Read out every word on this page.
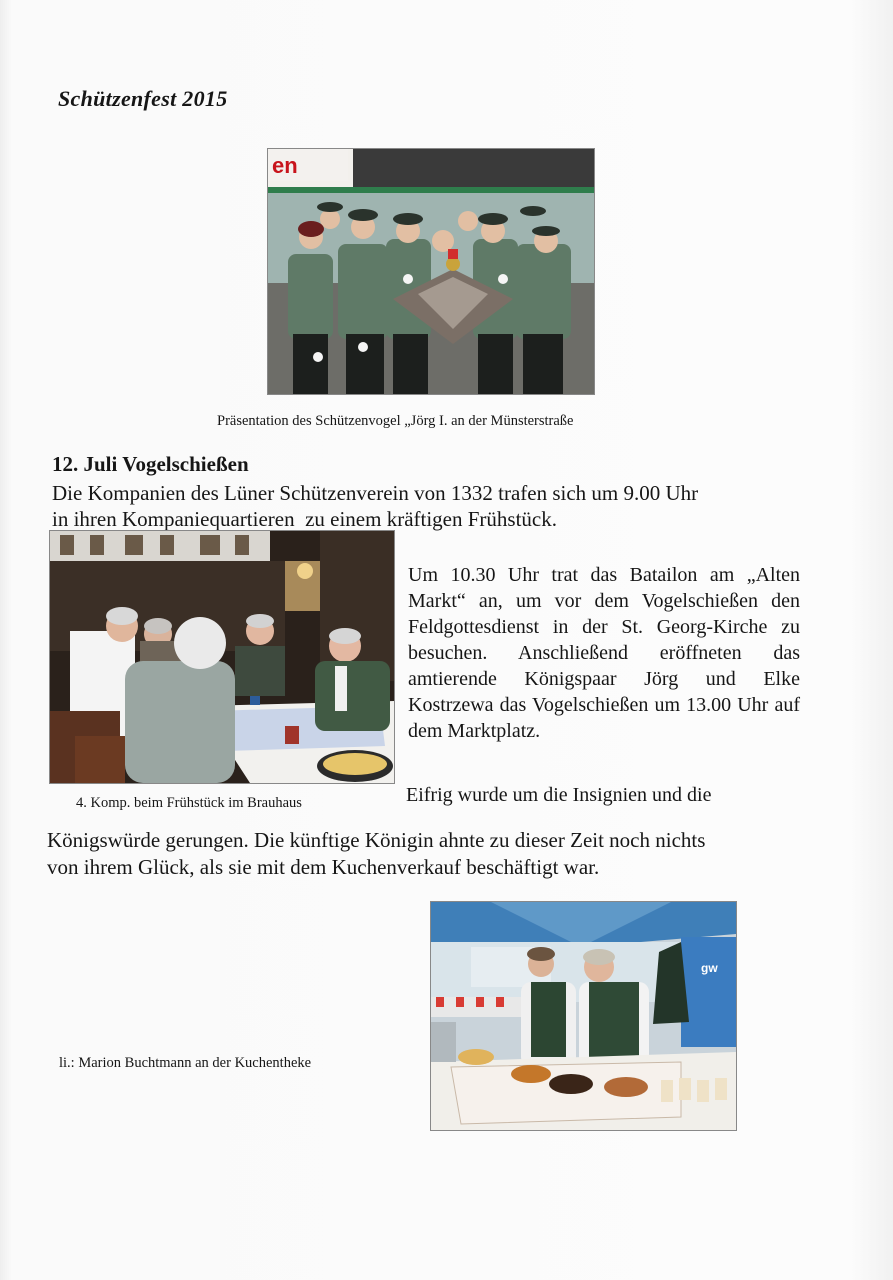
Schützenfest 2015
en
Präsentation des Schützenvogel „Jörg I. an der Münsterstraße
12. Juli Vogelschießen

Die Kompanien des Lüner Schützenverein von 1332 trafen sich um 9.00 Uhr
in ihren Kompaniequartieren  zu einem kräftigen Frühstück.

4. Komp. beim Frühstück im Brauhaus

Um 10.30 Uhr trat das Batailon am „Alten Markt“ an, um vor dem Vogelschießen den Feldgottesdienst in der St. Georg-Kirche zu besuchen. Anschließend eröffneten das amtierende Königspaar Jörg und Elke Kostrzewa das Vogelschießen um 13.00 Uhr auf dem Marktplatz.

Eifrig wurde um die Insignien und die

Königswürde gerungen. Die künftige Königin ahnte zu dieser Zeit noch nichts
von ihrem Glück, als sie mit dem Kuchenverkauf beschäftigt war.

gw
li.: Marion Buchtmann an der Kuchentheke
